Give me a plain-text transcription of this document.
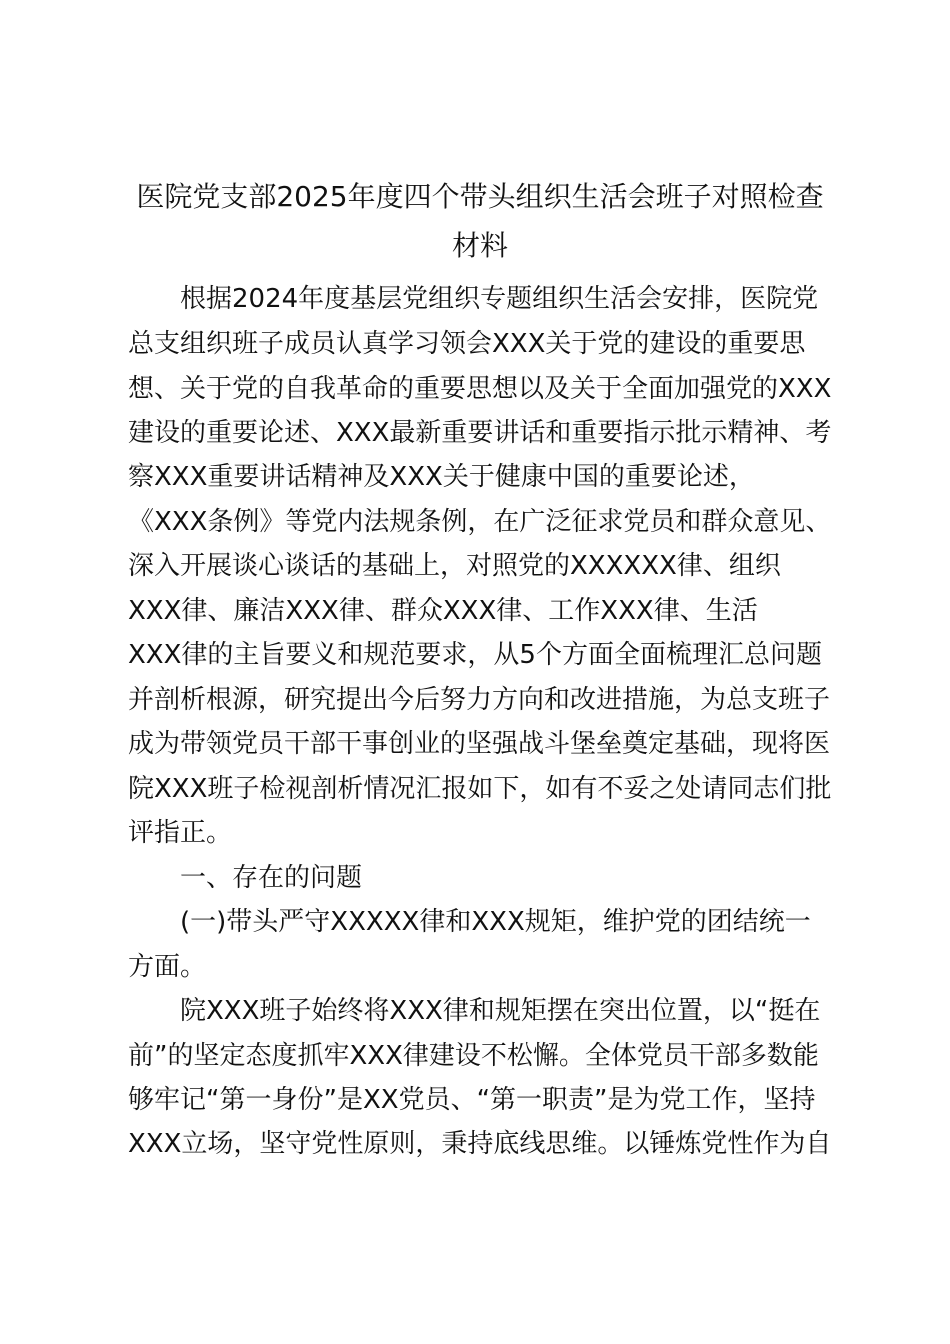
医院党支部2025年度四个带头组织生活会班子对照检查
材料

根据2024年度基层党组织专题组织生活会安排，医院党

总支组织班子成员认真学习领会XXX关于党的建设的重要思

想、关于党的自我革命的重要思想以及关于全面加强党的XXX

建设的重要论述、XXX最新重要讲话和重要指示批示精神、考

察XXX重要讲话精神及XXX关于健康中国的重要论述，

《XXX条例》等党内法规条例，在广泛征求党员和群众意见、

深入开展谈心谈话的基础上，对照党的XXXXXX律、组织

XXX律、廉洁XXX律、群众XXX律、工作XXX律、生活

XXX律的主旨要义和规范要求，从5个方面全面梳理汇总问题

并剖析根源，研究提出今后努力方向和改进措施，为总支班子

成为带领党员干部干事创业的坚强战斗堡垒奠定基础，现将医

院XXX班子检视剖析情况汇报如下，如有不妥之处请同志们批

评指正。

一、存在的问题

(一)带头严守XXXXX律和XXX规矩，维护党的团结统一

方面。

院XXX班子始终将XXX律和规矩摆在突出位置，以“挺在

前”的坚定态度抓牢XXX律建设不松懈。全体党员干部多数能

够牢记“第一身份”是XX党员、“第一职责”是为党工作，坚持

XXX立场，坚守党性原则，秉持底线思维。以锤炼党性作为自
